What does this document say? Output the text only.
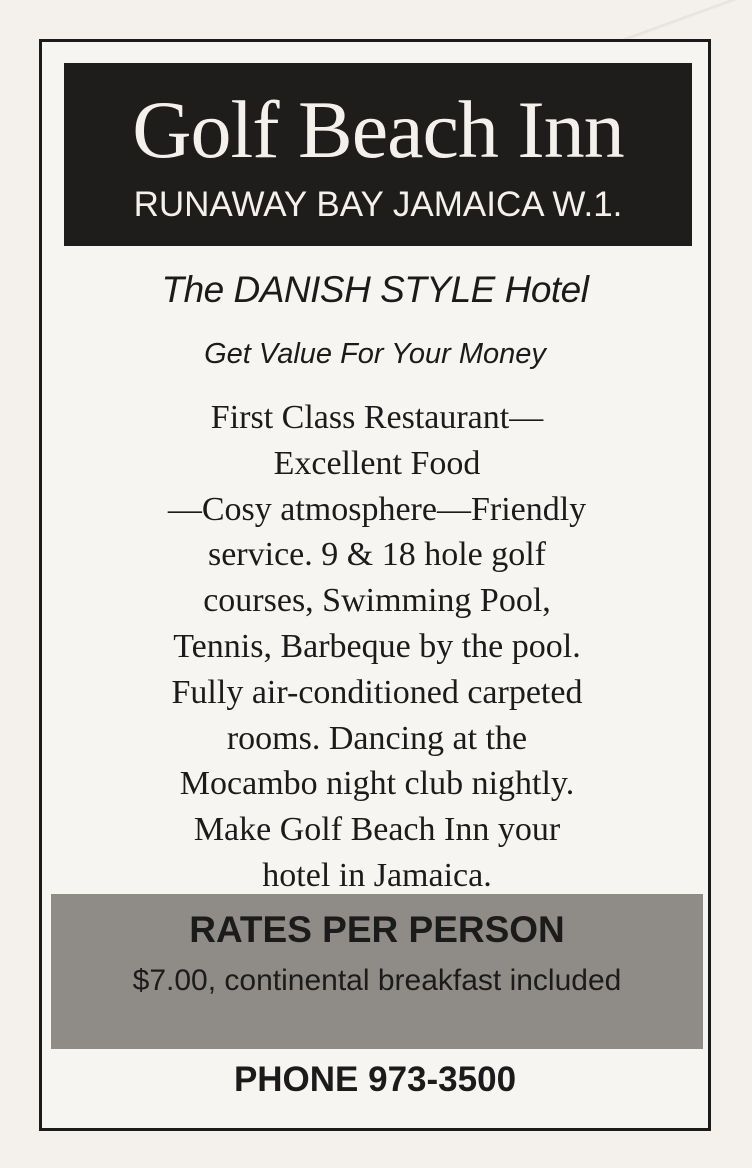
Golf Beach Inn
RUNAWAY BAY JAMAICA W.1.
The DANISH STYLE Hotel
Get Value For Your Money
First Class Restaurant—
Excellent Food
—Cosy atmosphere—Friendly
service. 9 & 18 hole golf
courses, Swimming Pool,
Tennis, Barbeque by the pool.
Fully air-conditioned carpeted
rooms. Dancing at the
Mocambo night club nightly.
Make Golf Beach Inn your
hotel in Jamaica.
RATES PER PERSON
$7.00, continental breakfast included
PHONE 973-3500
